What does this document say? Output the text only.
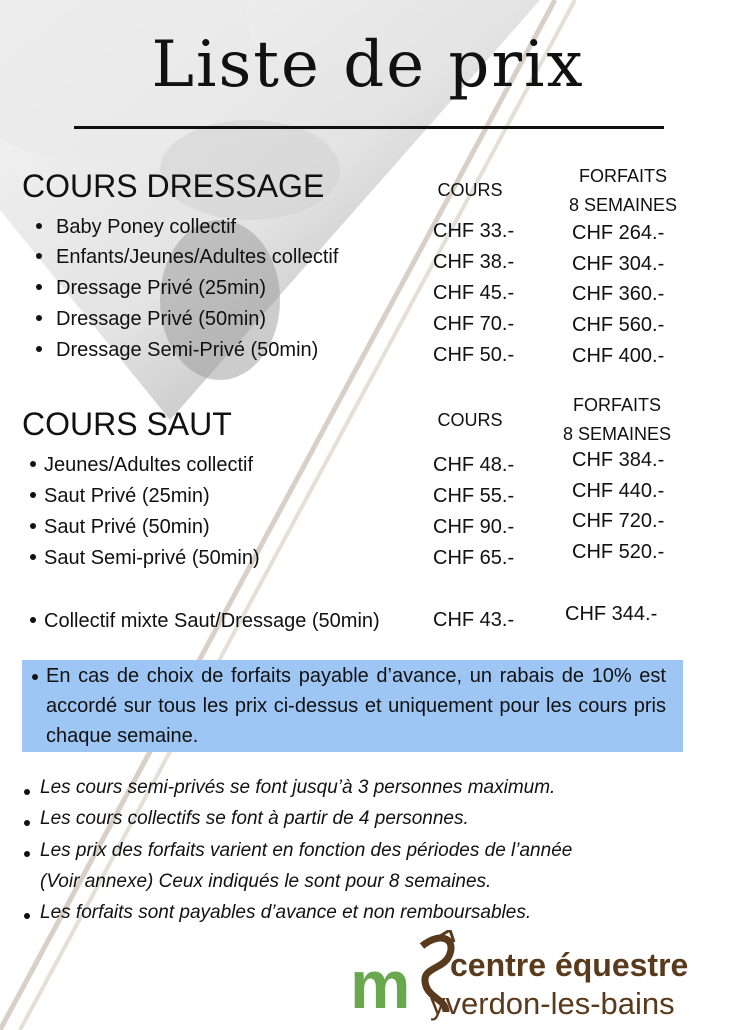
Liste de prix
COURS DRESSAGE	COURS
FORFAITS
8 SEMAINES
Baby Poney collectif	CHF 33.-	CHF 264.-
Enfants/Jeunes/Adultes collectif	CHF 38.-	CHF 304.-
Dressage Privé (25min)	CHF 45.-	CHF 360.-
Dressage Privé (50min)	CHF 70.-	CHF 560.-
Dressage Semi-Privé (50min)	CHF 50.-	CHF 400.-
COURS SAUT	COURS
FORFAITS
8 SEMAINES
Jeunes/Adultes collectif	CHF 48.-	CHF 384.-
Saut Privé (25min)	CHF 55.-	CHF 440.-
Saut Privé (50min)	CHF 90.-	CHF 720.-
Saut Semi-privé (50min)	CHF 65.-	CHF 520.-
Collectif mixte Saut/Dressage (50min)	CHF 43.-	CHF 344.-
En cas de choix de forfaits payable d’avance, un rabais de 10% est accordé sur tous les prix ci-dessus et uniquement pour les cours pris chaque semaine.
Les cours semi-privés se font jusqu’à 3 personnes maximum.
Les cours collectifs se font à partir de 4 personnes.
Les prix des forfaits varient en fonction des périodes de l’année
(Voir annexe) Ceux indiqués le sont pour 8 semaines.
Les forfaits sont payables d’avance et non remboursables.
m centre équestre
yverdon-les-bains
